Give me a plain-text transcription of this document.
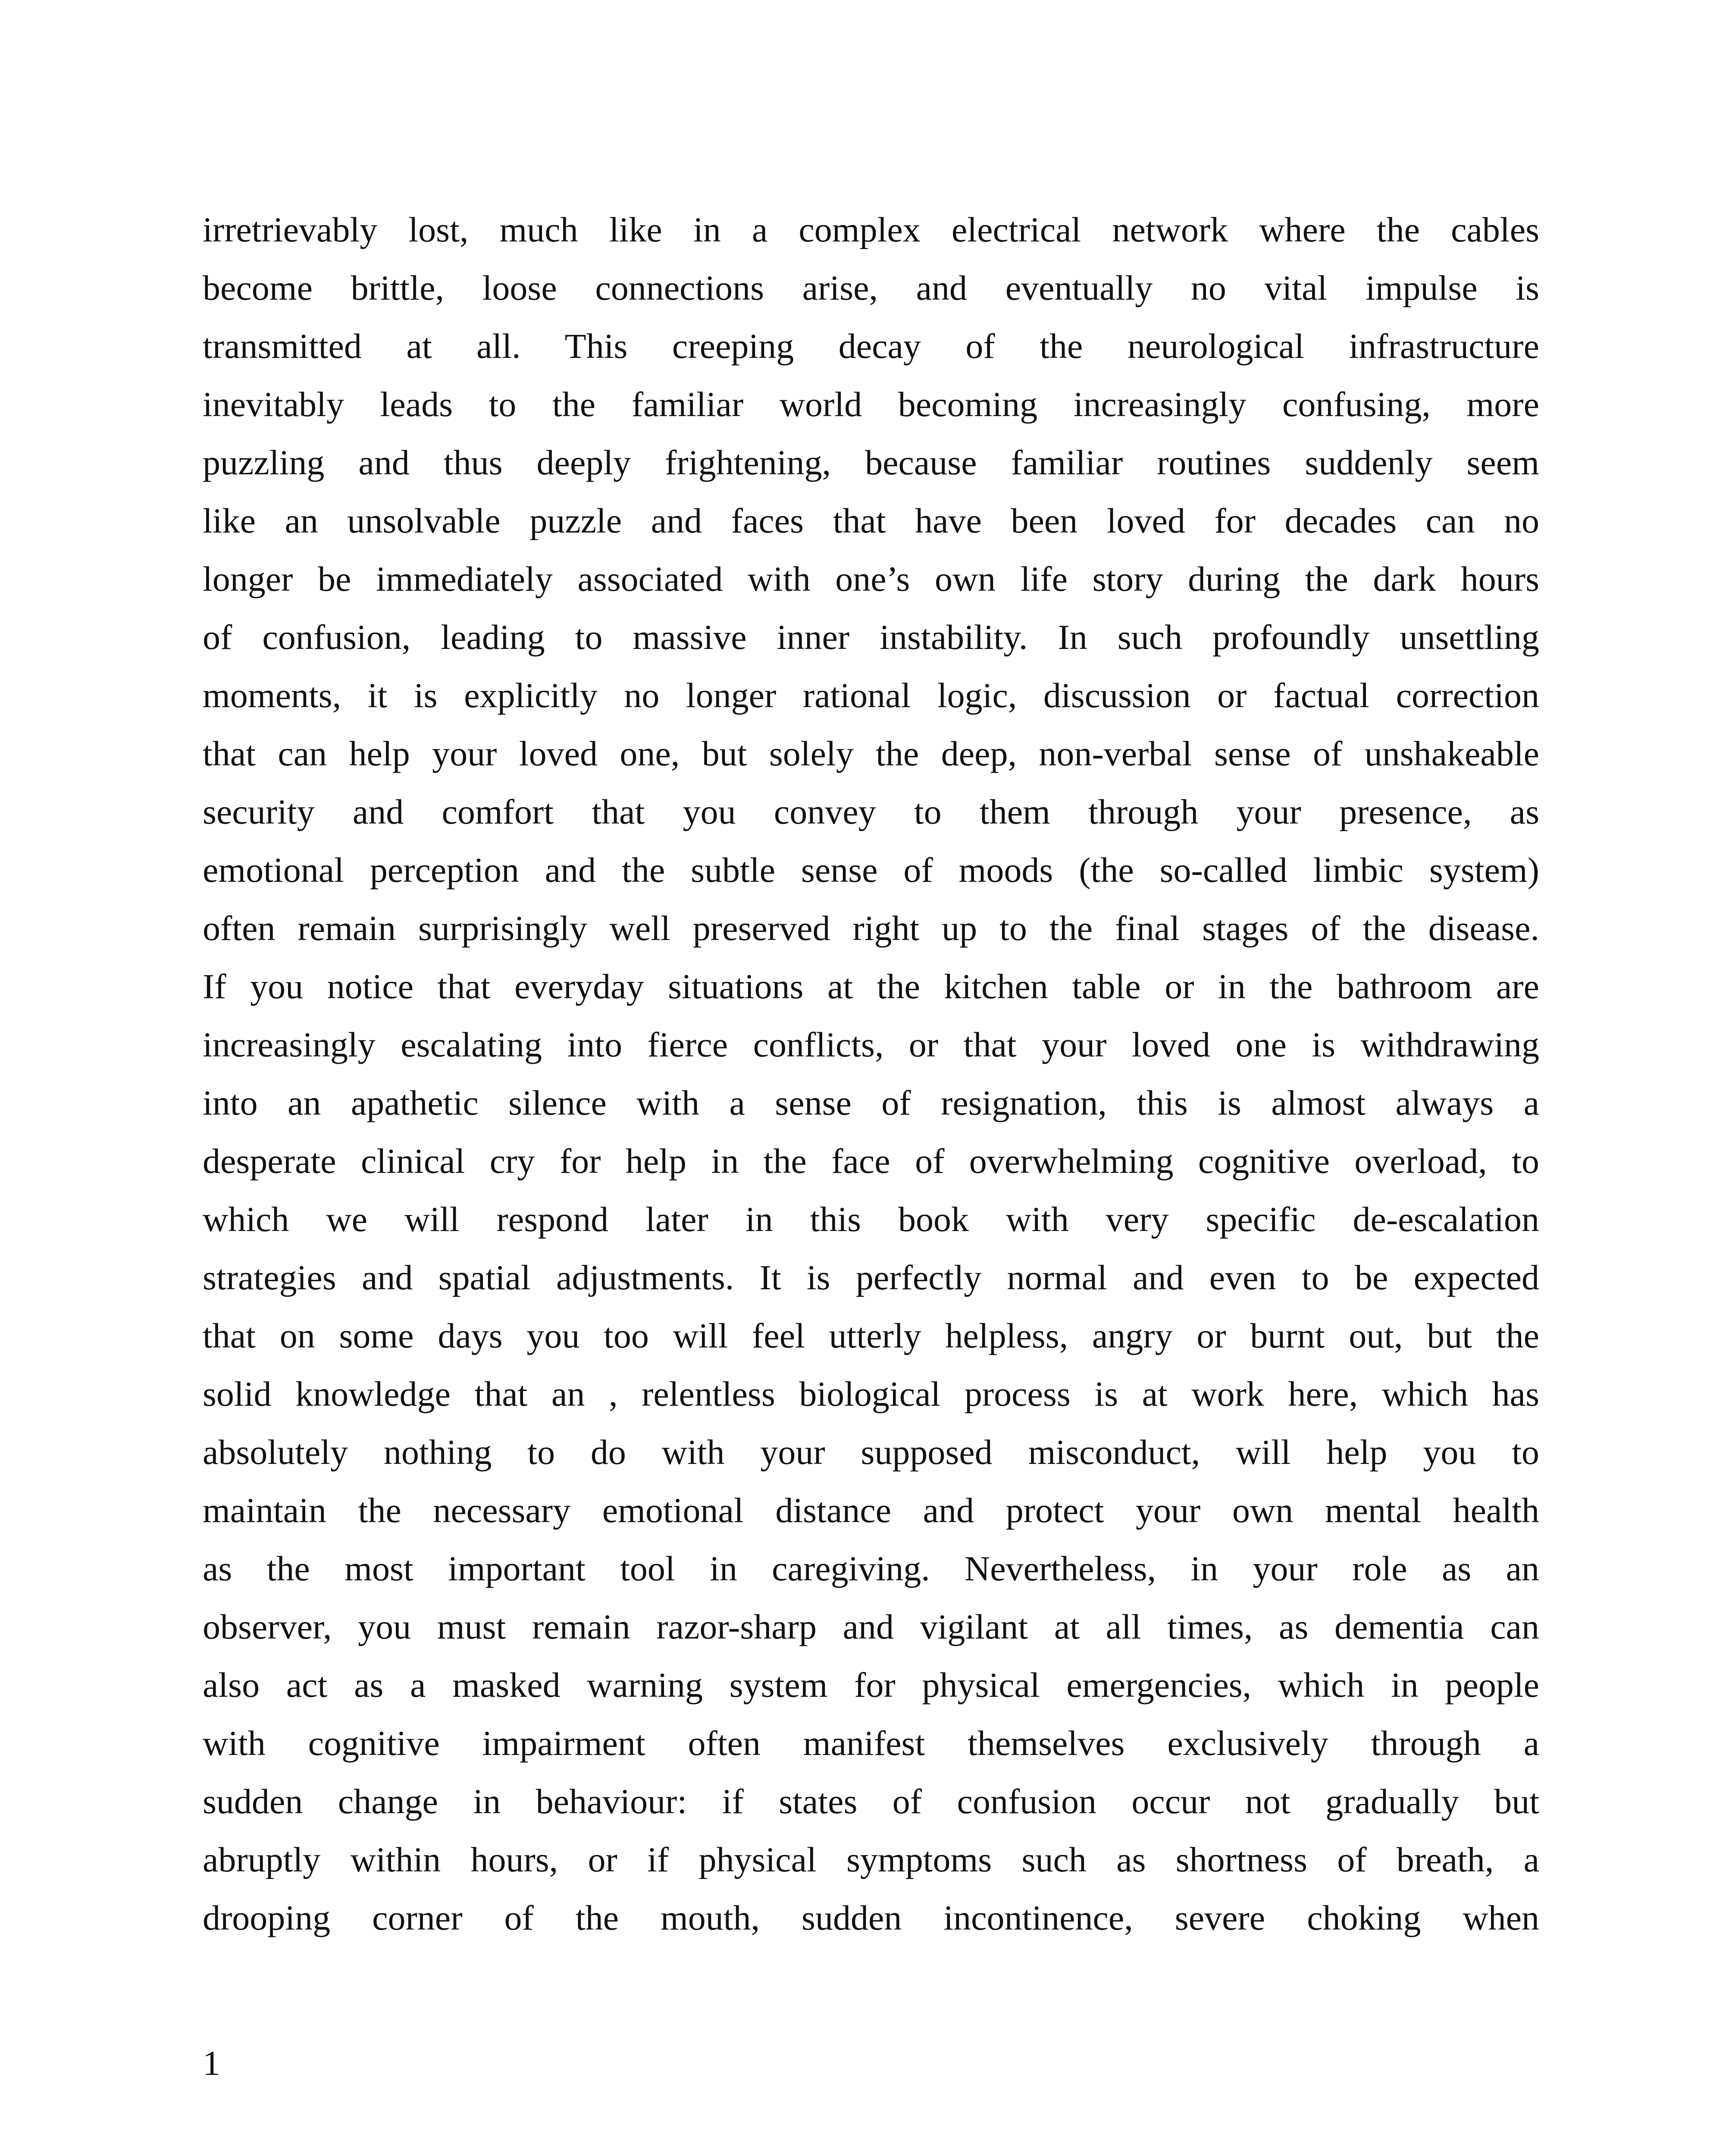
irretrievably lost, much like in a complex electrical network where the cables
become brittle, loose connections arise, and eventually no vital impulse is
transmitted at all. This creeping decay of the neurological infrastructure
inevitably leads to the familiar world becoming increasingly confusing, more
puzzling and thus deeply frightening, because familiar routines suddenly seem
like an unsolvable puzzle and faces that have been loved for decades can no
longer be immediately associated with one’s own life story during the dark hours
of confusion, leading to massive inner instability. In such profoundly unsettling
moments, it is explicitly no longer rational logic, discussion or factual correction
that can help your loved one, but solely the deep, non-verbal sense of unshakeable
security and comfort that you convey to them through your presence, as
emotional perception and the subtle sense of moods (the so-called limbic system)
often remain surprisingly well preserved right up to the final stages of the disease.
If you notice that everyday situations at the kitchen table or in the bathroom are
increasingly escalating into fierce conflicts, or that your loved one is withdrawing
into an apathetic silence with a sense of resignation, this is almost always a
desperate clinical cry for help in the face of overwhelming cognitive overload, to
which we will respond later in this book with very specific de-escalation
strategies and spatial adjustments. It is perfectly normal and even to be expected
that on some days you too will feel utterly helpless, angry or burnt out, but the
solid knowledge that an , relentless biological process is at work here, which has
absolutely nothing to do with your supposed misconduct, will help you to
maintain the necessary emotional distance and protect your own mental health
as the most important tool in caregiving. Nevertheless, in your role as an
observer, you must remain razor-sharp and vigilant at all times, as dementia can
also act as a masked warning system for physical emergencies, which in people
with cognitive impairment often manifest themselves exclusively through a
sudden change in behaviour: if states of confusion occur not gradually but
abruptly within hours, or if physical symptoms such as shortness of breath, a
drooping corner of the mouth, sudden incontinence, severe choking when
1
